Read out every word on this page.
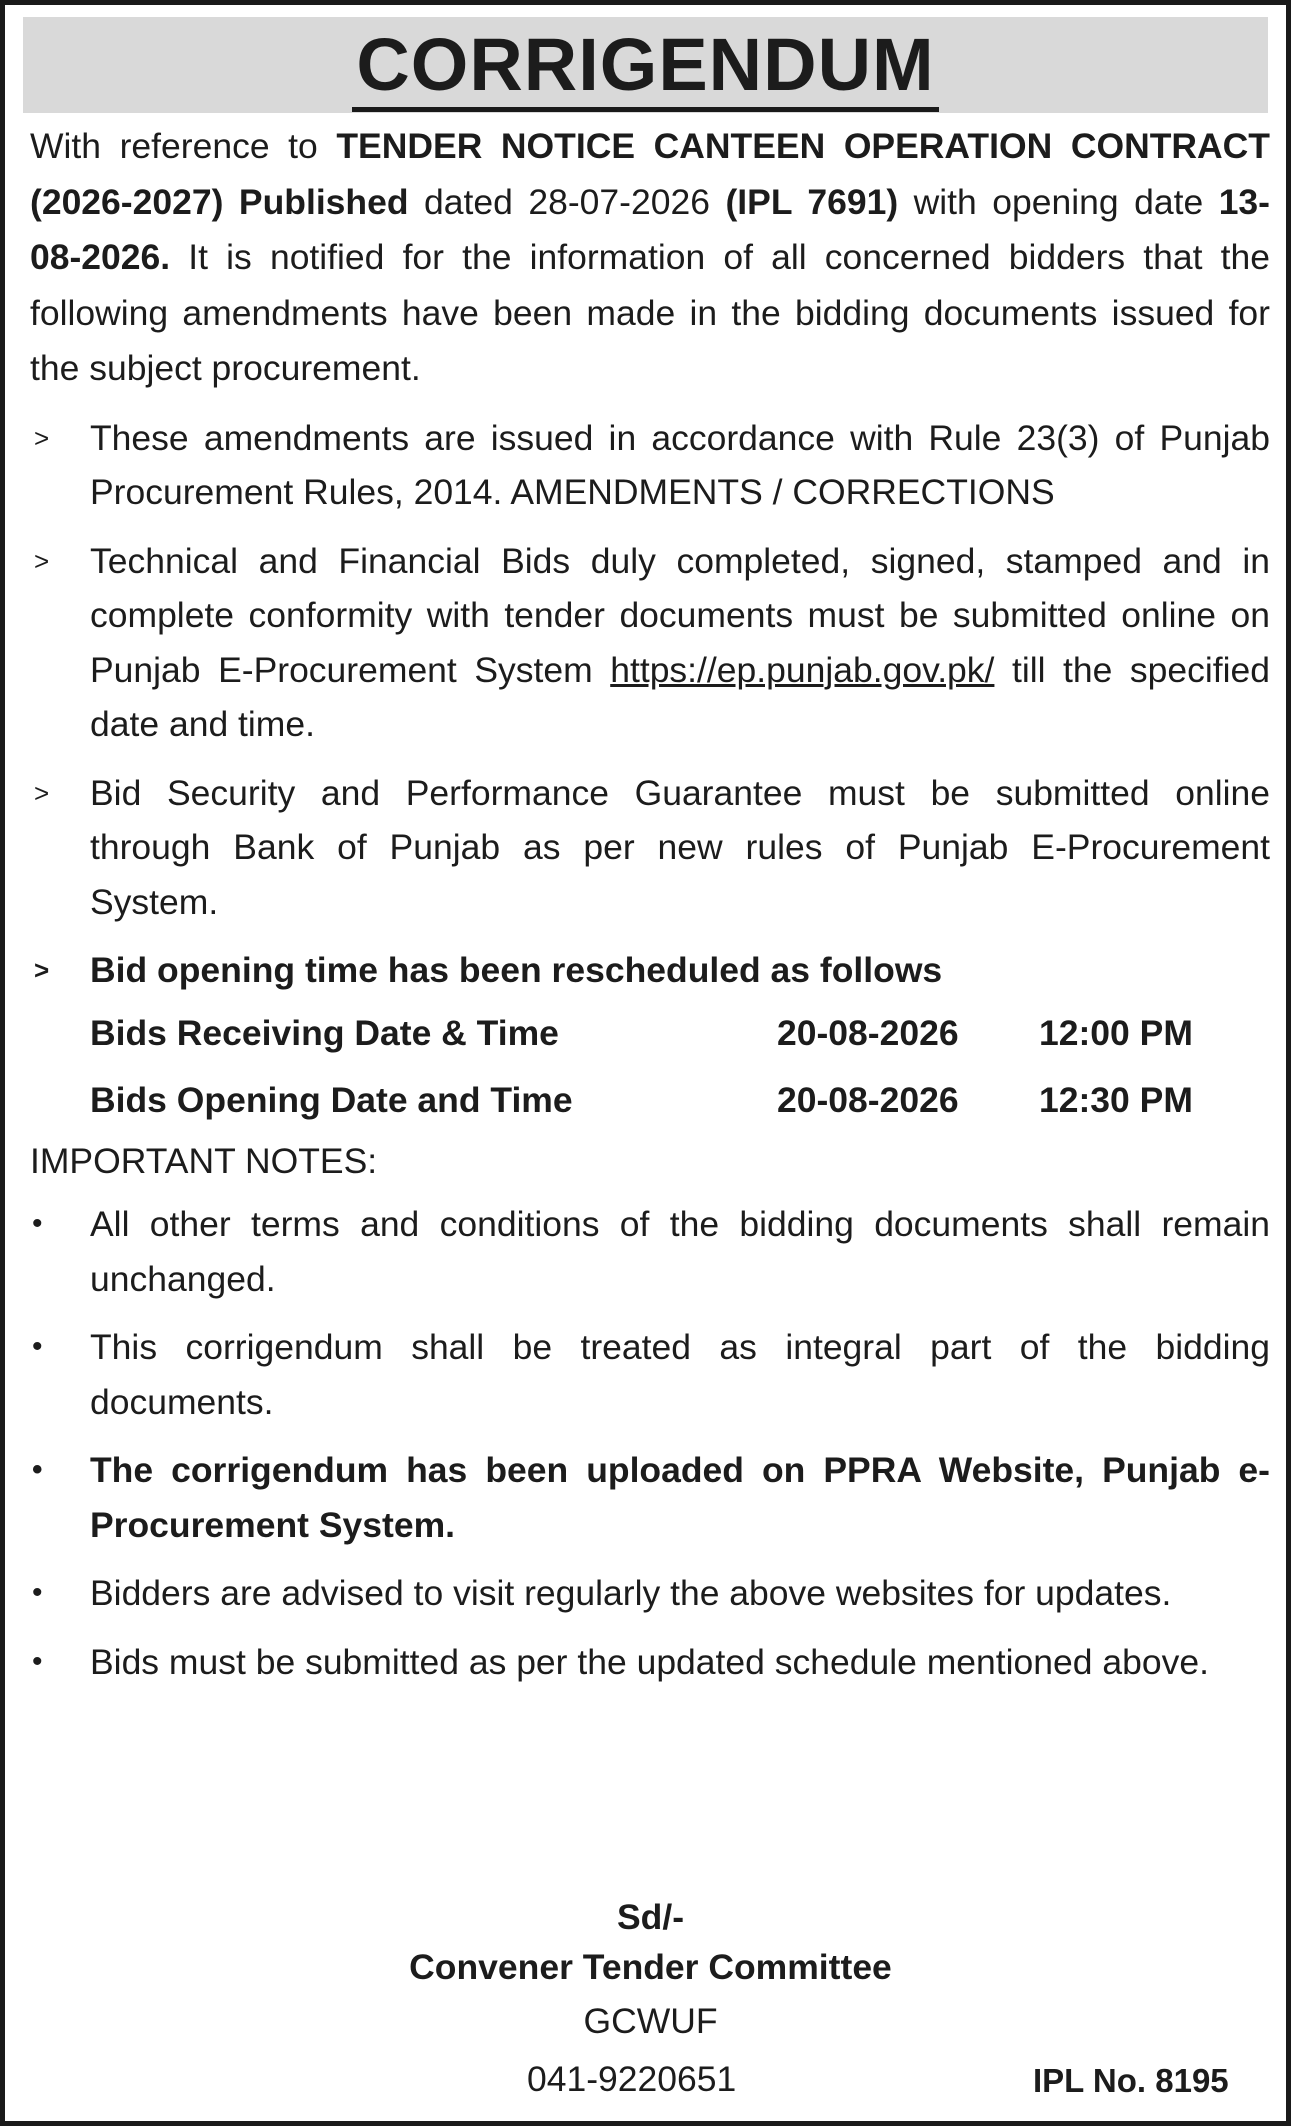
CORRIGENDUM

With reference to TENDER NOTICE CANTEEN OPERATION CONTRACT (2026-2027) Published dated 28-07-2026 (IPL 7691) with opening date 13-08-2026. It is notified for the information of all concerned bidders that the following amendments have been made in the bidding documents issued for the subject procurement.

> These amendments are issued in accordance with Rule 23(3) of Punjab Procurement Rules, 2014. AMENDMENTS / CORRECTIONS
> Technical and Financial Bids duly completed, signed, stamped and in complete conformity with tender documents must be submitted online on Punjab E-Procurement System https://ep.punjab.gov.pk/ till the specified date and time.
> Bid Security and Performance Guarantee must be submitted online through Bank of Punjab as per new rules of Punjab E-Procurement System.
> Bid opening time has been rescheduled as follows
Bids Receiving Date & Time	20-08-2026 12:00 PM
Bids Opening Date and Time	20-08-2026 12:30 PM

IMPORTANT NOTES:

• All other terms and conditions of the bidding documents shall remain unchanged.
• This corrigendum shall be treated as integral part of the bidding documents.
• The corrigendum has been uploaded on PPRA Website, Punjab e-Procurement System.
• Bidders are advised to visit regularly the above websites for updates.
• Bids must be submitted as per the updated schedule mentioned above.
Sd/-
Convener Tender Committee
GCWUF
041-9220651	IPL No. 8195
